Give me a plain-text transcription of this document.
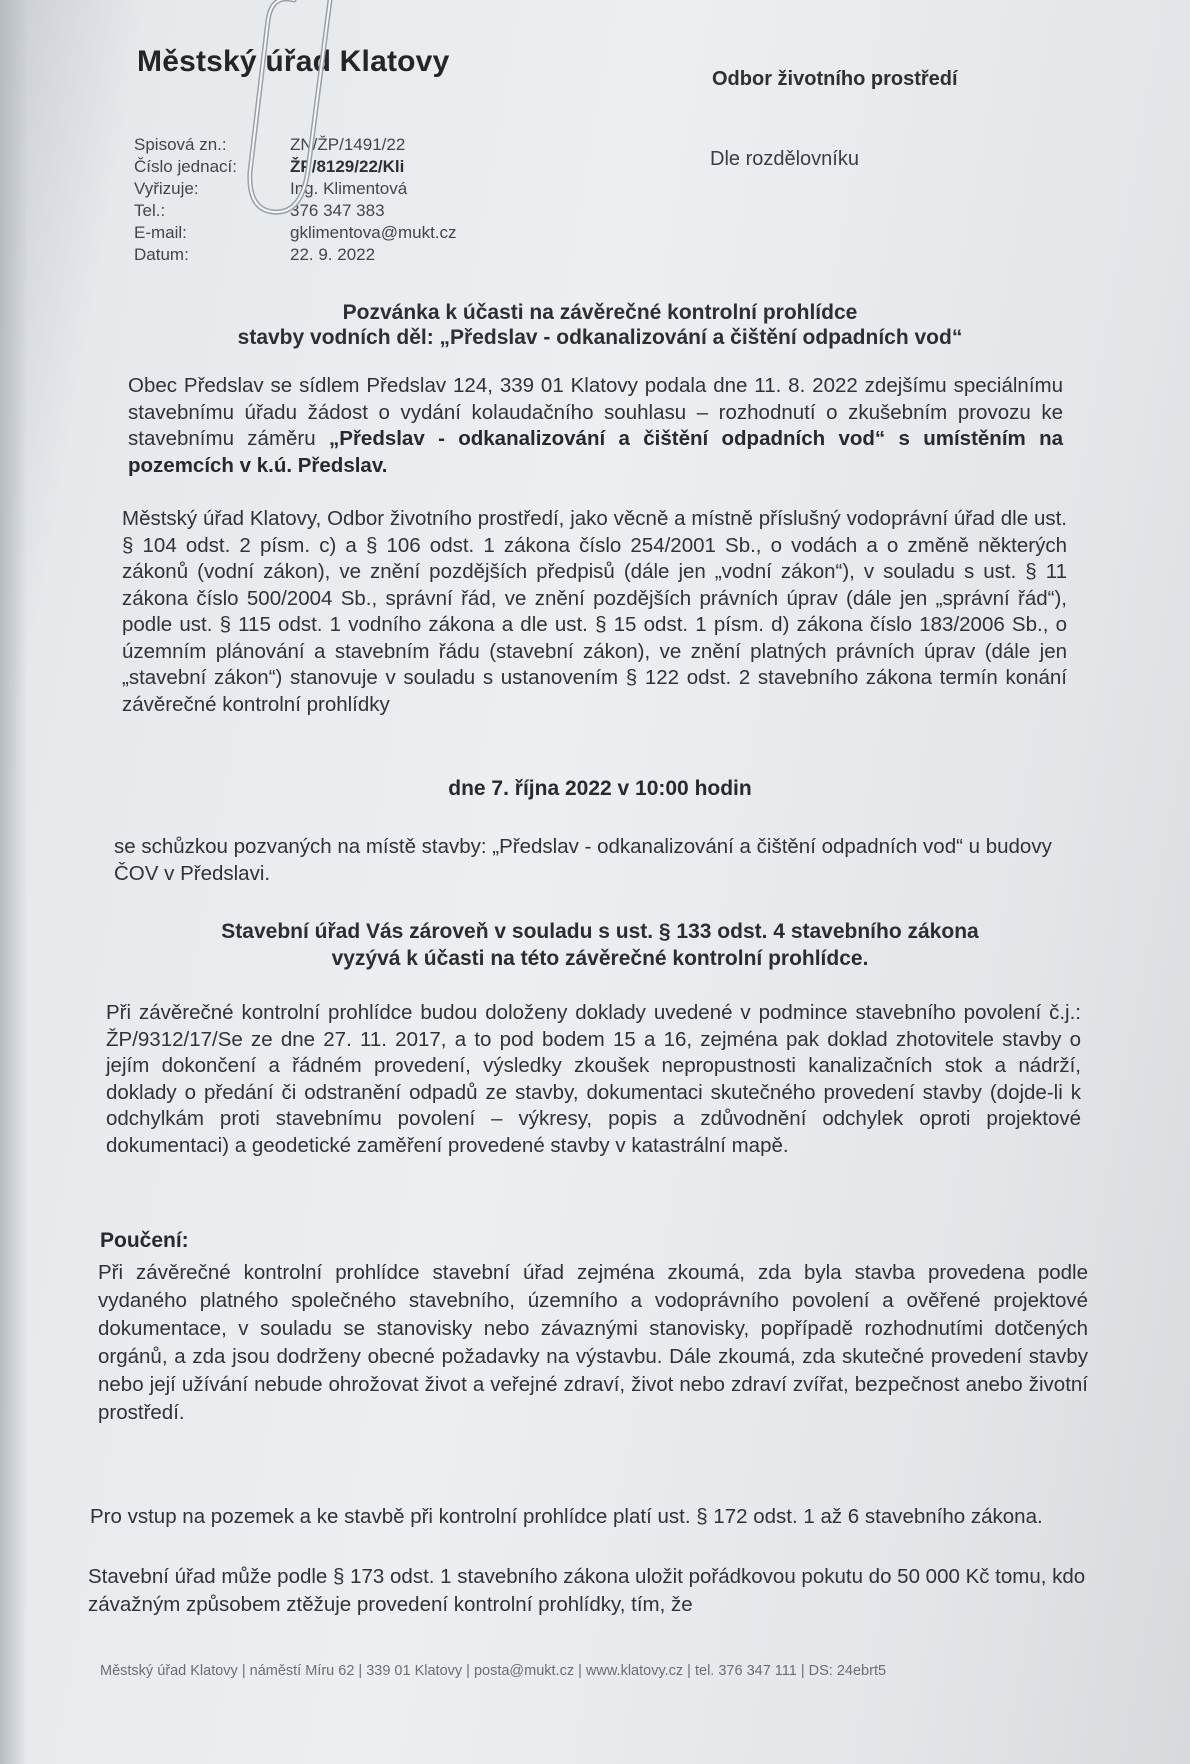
Městský úřad Klatovy
Odbor životního prostředí
Spisová zn.:	ZN/ŽP/1491/22
Číslo jednací:	ŽP/8129/22/Kli
Vyřizuje:	Ing. Klimentová
Tel.:	376 347 383
E-mail:	gklimentova@mukt.cz
Datum:	22. 9. 2022
Dle rozdělovníku
Pozvánka k účasti na závěrečné kontrolní prohlídce
stavby vodních děl: „Předslav - odkanalizování a čištění odpadních vod“
Obec Předslav se sídlem Předslav 124, 339 01 Klatovy podala dne 11. 8. 2022 zdejšímu speciálnímu stavebnímu úřadu žádost o vydání kolaudačního souhlasu – rozhodnutí o zkušebním provozu ke stavebnímu záměru „Předslav - odkanalizování a čištění odpadních vod“ s umístěním na pozemcích v k.ú. Předslav.
Městský úřad Klatovy, Odbor životního prostředí, jako věcně a místně příslušný vodoprávní úřad dle ust. § 104 odst. 2 písm. c) a § 106 odst. 1 zákona číslo 254/2001 Sb., o vodách a o změně některých zákonů (vodní zákon), ve znění pozdějších předpisů (dále jen „vodní zákon“), v souladu s ust. § 11 zákona číslo 500/2004 Sb., správní řád, ve znění pozdějších právních úprav (dále jen „správní řád“), podle ust. § 115 odst. 1 vodního zákona a dle ust. § 15 odst. 1 písm. d) zákona číslo 183/2006 Sb., o územním plánování a stavebním řádu (stavební zákon), ve znění platných právních úprav (dále jen „stavební zákon“) stanovuje v souladu s ustanovením § 122 odst. 2 stavebního zákona termín konání závěrečné kontrolní prohlídky
dne 7. října 2022 v 10:00 hodin
se schůzkou pozvaných na místě stavby: „Předslav - odkanalizování a čištění odpadních vod“ u budovy ČOV v Předslavi.
Stavební úřad Vás zároveň v souladu s ust. § 133 odst. 4 stavebního zákona
vyzývá k účasti na této závěrečné kontrolní prohlídce.
Při závěrečné kontrolní prohlídce budou doloženy doklady uvedené v podmince stavebního povolení č.j.: ŽP/9312/17/Se ze dne 27. 11. 2017, a to pod bodem 15 a 16, zejména pak doklad zhotovitele stavby o jejím dokončení a řádném provedení, výsledky zkoušek nepropustnosti kanalizačních stok a nádrží, doklady o předání či odstranění odpadů ze stavby, dokumentaci skutečného provedení stavby (dojde-li k odchylkám proti stavebnímu povolení – výkresy, popis a zdůvodnění odchylek oproti projektové dokumentaci) a geodetické zaměření provedené stavby v katastrální mapě.
Poučení:
Při závěrečné kontrolní prohlídce stavební úřad zejména zkoumá, zda byla stavba provedena podle vydaného platného společného stavebního, územního a vodoprávního povolení a ověřené projektové dokumentace, v souladu se stanovisky nebo závaznými stanovisky, popřípadě rozhodnutími dotčených orgánů, a zda jsou dodrženy obecné požadavky na výstavbu. Dále zkoumá, zda skutečné provedení stavby nebo její užívání nebude ohrožovat život a veřejné zdraví, život nebo zdraví zvířat, bezpečnost anebo životní prostředí.
Pro vstup na pozemek a ke stavbě při kontrolní prohlídce platí ust. § 172 odst. 1 až 6 stavebního zákona.
Stavební úřad může podle § 173 odst. 1 stavebního zákona uložit pořádkovou pokutu do 50 000 Kč tomu, kdo závažným způsobem ztěžuje provedení kontrolní prohlídky, tím, že
Městský úřad Klatovy | náměstí Míru 62 | 339 01 Klatovy | posta@mukt.cz | www.klatovy.cz | tel. 376 347 111 | DS: 24ebrt5
